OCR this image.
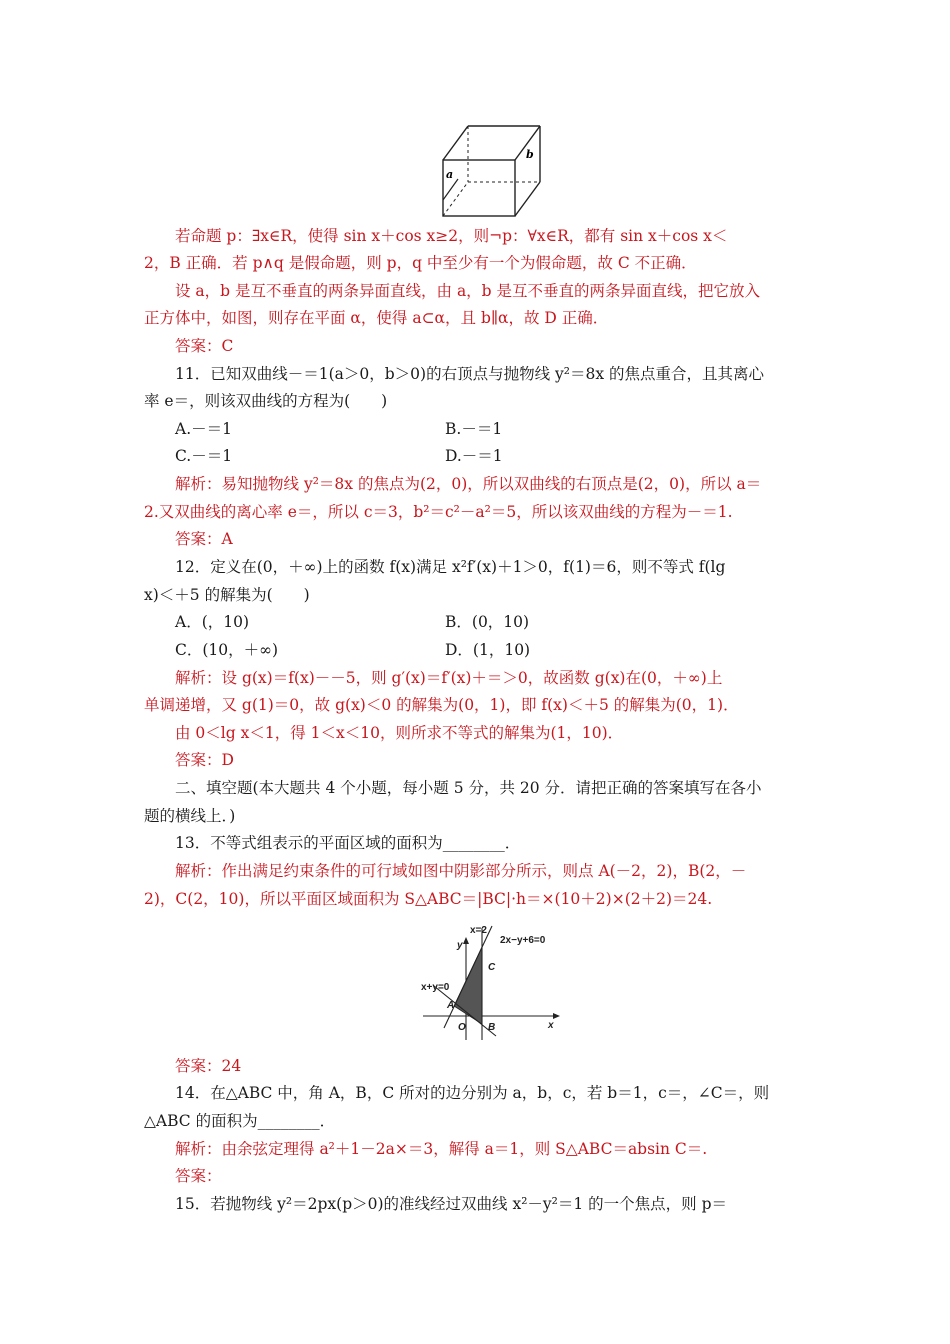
a
b
若命题 p：∃x∈R，使得 sin x＋cos x≥2，则¬p：∀x∈R，都有 sin x＋cos x＜
2，B 正确．若 p∧q 是假命题，则 p，q 中至少有一个为假命题，故 C 不正确．
设 a，b 是互不垂直的两条异面直线，由 a，b 是互不垂直的两条异面直线，把它放入
正方体中，如图，则存在平面 α，使得 a⊂α，且 b∥α，故 D 正确．
答案：C
11．已知双曲线－＝1(a＞0，b＞0)的右顶点与抛物线 y²＝8x 的焦点重合，且其离心
率 e＝，则该双曲线的方程为(　　)
A.－＝1	B.－＝1
C.－＝1	D.－＝1
解析：易知抛物线 y²＝8x 的焦点为(2，0)，所以双曲线的右顶点是(2，0)，所以 a＝
2.又双曲线的离心率 e＝，所以 c＝3，b²＝c²－a²＝5，所以该双曲线的方程为－＝1.
答案：A
12．定义在(0，＋∞)上的函数 f(x)满足 x²f′(x)＋1＞0，f(1)＝6，则不等式 f(lg
x)＜＋5 的解集为(　　)
A．(，10)	B．(0，10)
C．(10，＋∞)	D．(1，10)
解析：设 g(x)＝f(x)－－5，则 g′(x)＝f′(x)＋＝＞0，故函数 g(x)在(0，＋∞)上
单调递增，又 g(1)＝0，故 g(x)＜0 的解集为(0，1)，即 f(x)＜＋5 的解集为(0，1)．
由 0＜lg x＜1，得 1＜x＜10，则所求不等式的解集为(1，10)．
答案：D
二、填空题(本大题共 4 个小题，每小题 5 分，共 20 分．请把正确的答案填写在各小
题的横线上．)
13．不等式组表示的平面区域的面积为________．
解析：作出满足约束条件的可行域如图中阴影部分所示，则点 A(－2，2)，B(2，－
2)，C(2，10)，所以平面区域面积为 S△ABC＝|BC|·h＝×(10＋2)×(2＋2)＝24.
x=2
2x−y+6=0
y
C
x+y=0
A
O B	x
答案：24
14．在△ABC 中，角 A，B，C 所对的边分别为 a，b，c，若 b＝1，c＝，∠C＝，则
△ABC 的面积为________．
解析：由余弦定理得 a²＋1－2a×＝3，解得 a＝1，则 S△ABC＝absin C＝.
答案：
15．若抛物线 y²＝2px(p＞0)的准线经过双曲线 x²－y²＝1 的一个焦点，则 p＝
